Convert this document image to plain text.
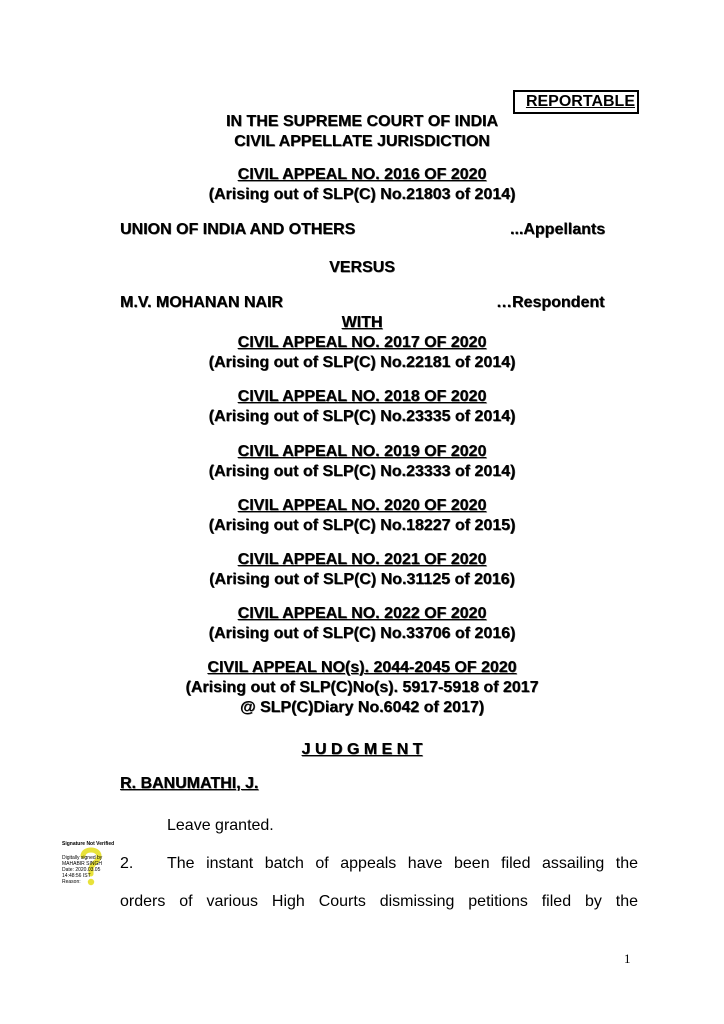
REPORTABLE
IN THE SUPREME COURT OF INDIA
CIVIL APPELLATE JURISDICTION
CIVIL APPEAL NO. 2016 OF 2020
(Arising out of SLP(C) No.21803 of 2014)
UNION OF INDIA AND OTHERS	...Appellants
VERSUS
M.V. MOHANAN NAIR	…Respondent
WITH
CIVIL APPEAL NO. 2017 OF 2020
(Arising out of SLP(C) No.22181 of 2014)
CIVIL APPEAL NO. 2018 OF 2020
(Arising out of SLP(C) No.23335 of 2014)
CIVIL APPEAL NO. 2019 OF 2020
(Arising out of SLP(C) No.23333 of 2014)
CIVIL APPEAL NO. 2020 OF 2020
(Arising out of SLP(C) No.18227 of 2015)
CIVIL APPEAL NO. 2021 OF 2020
(Arising out of SLP(C) No.31125 of 2016)
CIVIL APPEAL NO. 2022 OF 2020
(Arising out of SLP(C) No.33706 of 2016)
CIVIL APPEAL NO(s). 2044-2045 OF 2020
(Arising out of SLP(C)No(s). 5917-5918 of 2017
@ SLP(C)Diary No.6042 of 2017)
J U D G M E N T
R. BANUMATHI, J.
Leave granted.
2. The instant batch of appeals have been filed assailing the
orders of various High Courts dismissing petitions filed by the
Signature Not Verified
Digitally signed by
MAHABIR SINGH
Date: 2020.03.05
14:48:56 IST
Reason:
1
